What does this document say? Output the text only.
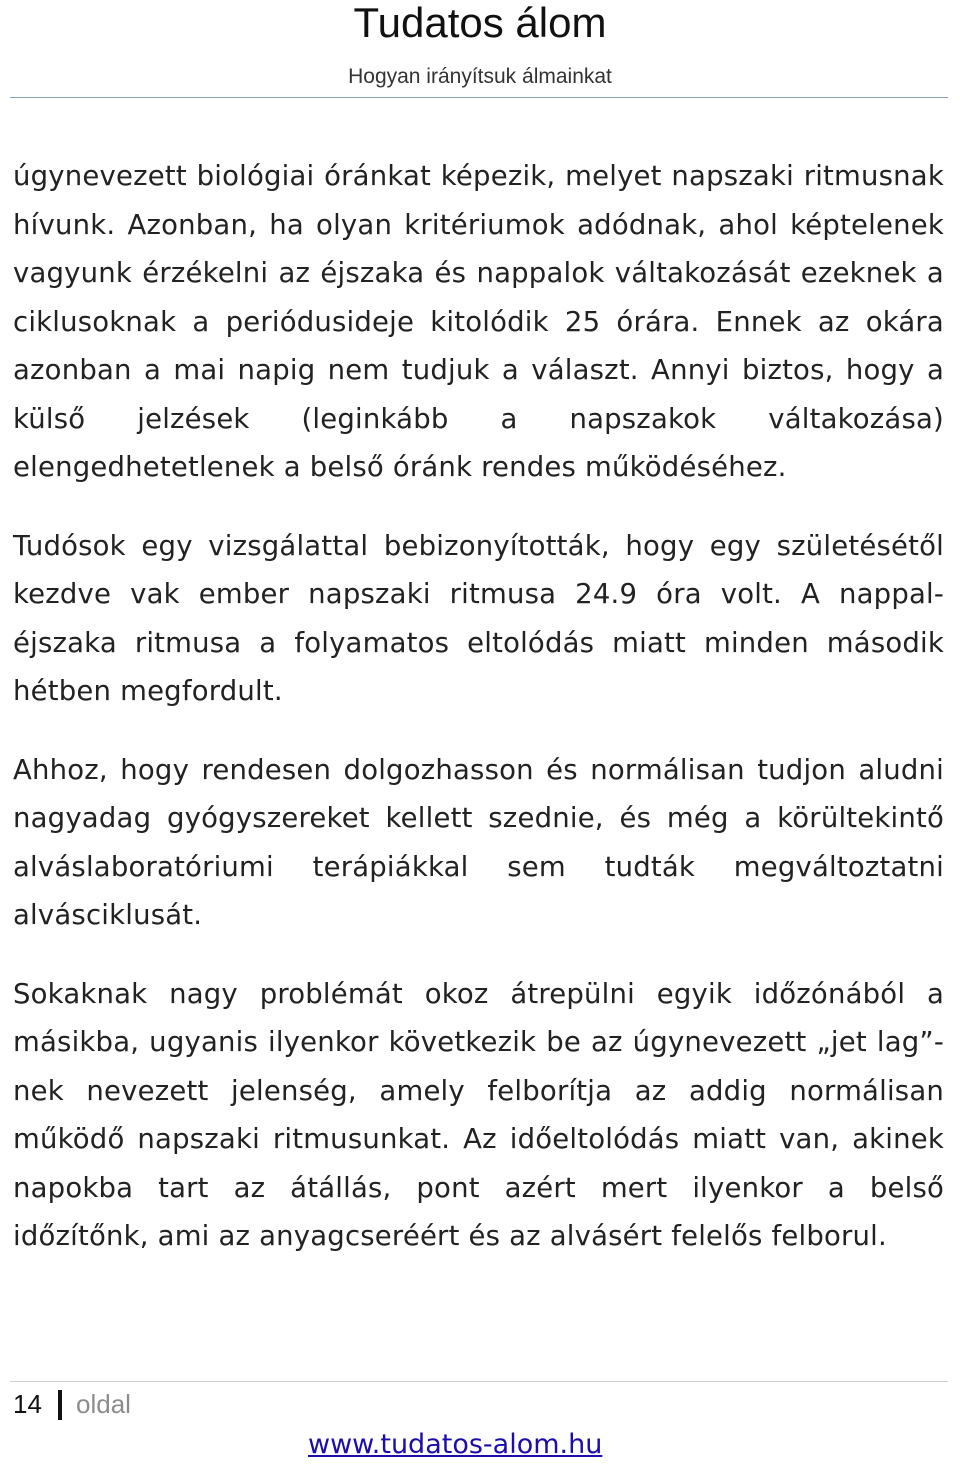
Tudatos álom
Hogyan irányítsuk álmainkat

úgynevezett biológiai óránkat képezik, melyet napszaki ritmusnak hívunk. Azonban, ha olyan kritériumok adódnak, ahol képtelenek vagyunk érzékelni az éjszaka és nappalok váltakozását ezeknek a ciklusoknak a periódusideje kitolódik 25 órára. Ennek az okára azonban a mai napig nem tudjuk a választ. Annyi biztos, hogy a külső jelzések (leginkább a napszakok váltakozása) elengedhetetlenek a belső óránk rendes működéséhez.

Tudósok egy vizsgálattal bebizonyították, hogy egy születésétől kezdve vak ember napszaki ritmusa 24.9 óra volt. A nappal-éjszaka ritmusa a folyamatos eltolódás miatt minden második hétben megfordult.

Ahhoz, hogy rendesen dolgozhasson és normálisan tudjon aludni nagyadag gyógyszereket kellett szednie, és még a körültekintő alváslaboratóriumi terápiákkal sem tudták megváltoztatni alvásciklusát.

Sokaknak nagy problémát okoz átrepülni egyik időzónából a másikba, ugyanis ilyenkor következik be az úgynevezett „jet lag”-nek nevezett jelenség, amely felborítja az addig normálisan működő napszaki ritmusunkat. Az időeltolódás miatt van, akinek napokba tart az átállás, pont azért mert ilyenkor a belső időzítőnk, ami az anyagcseréért és az alvásért felelős felborul.

14 oldal
www.tudatos-alom.hu
